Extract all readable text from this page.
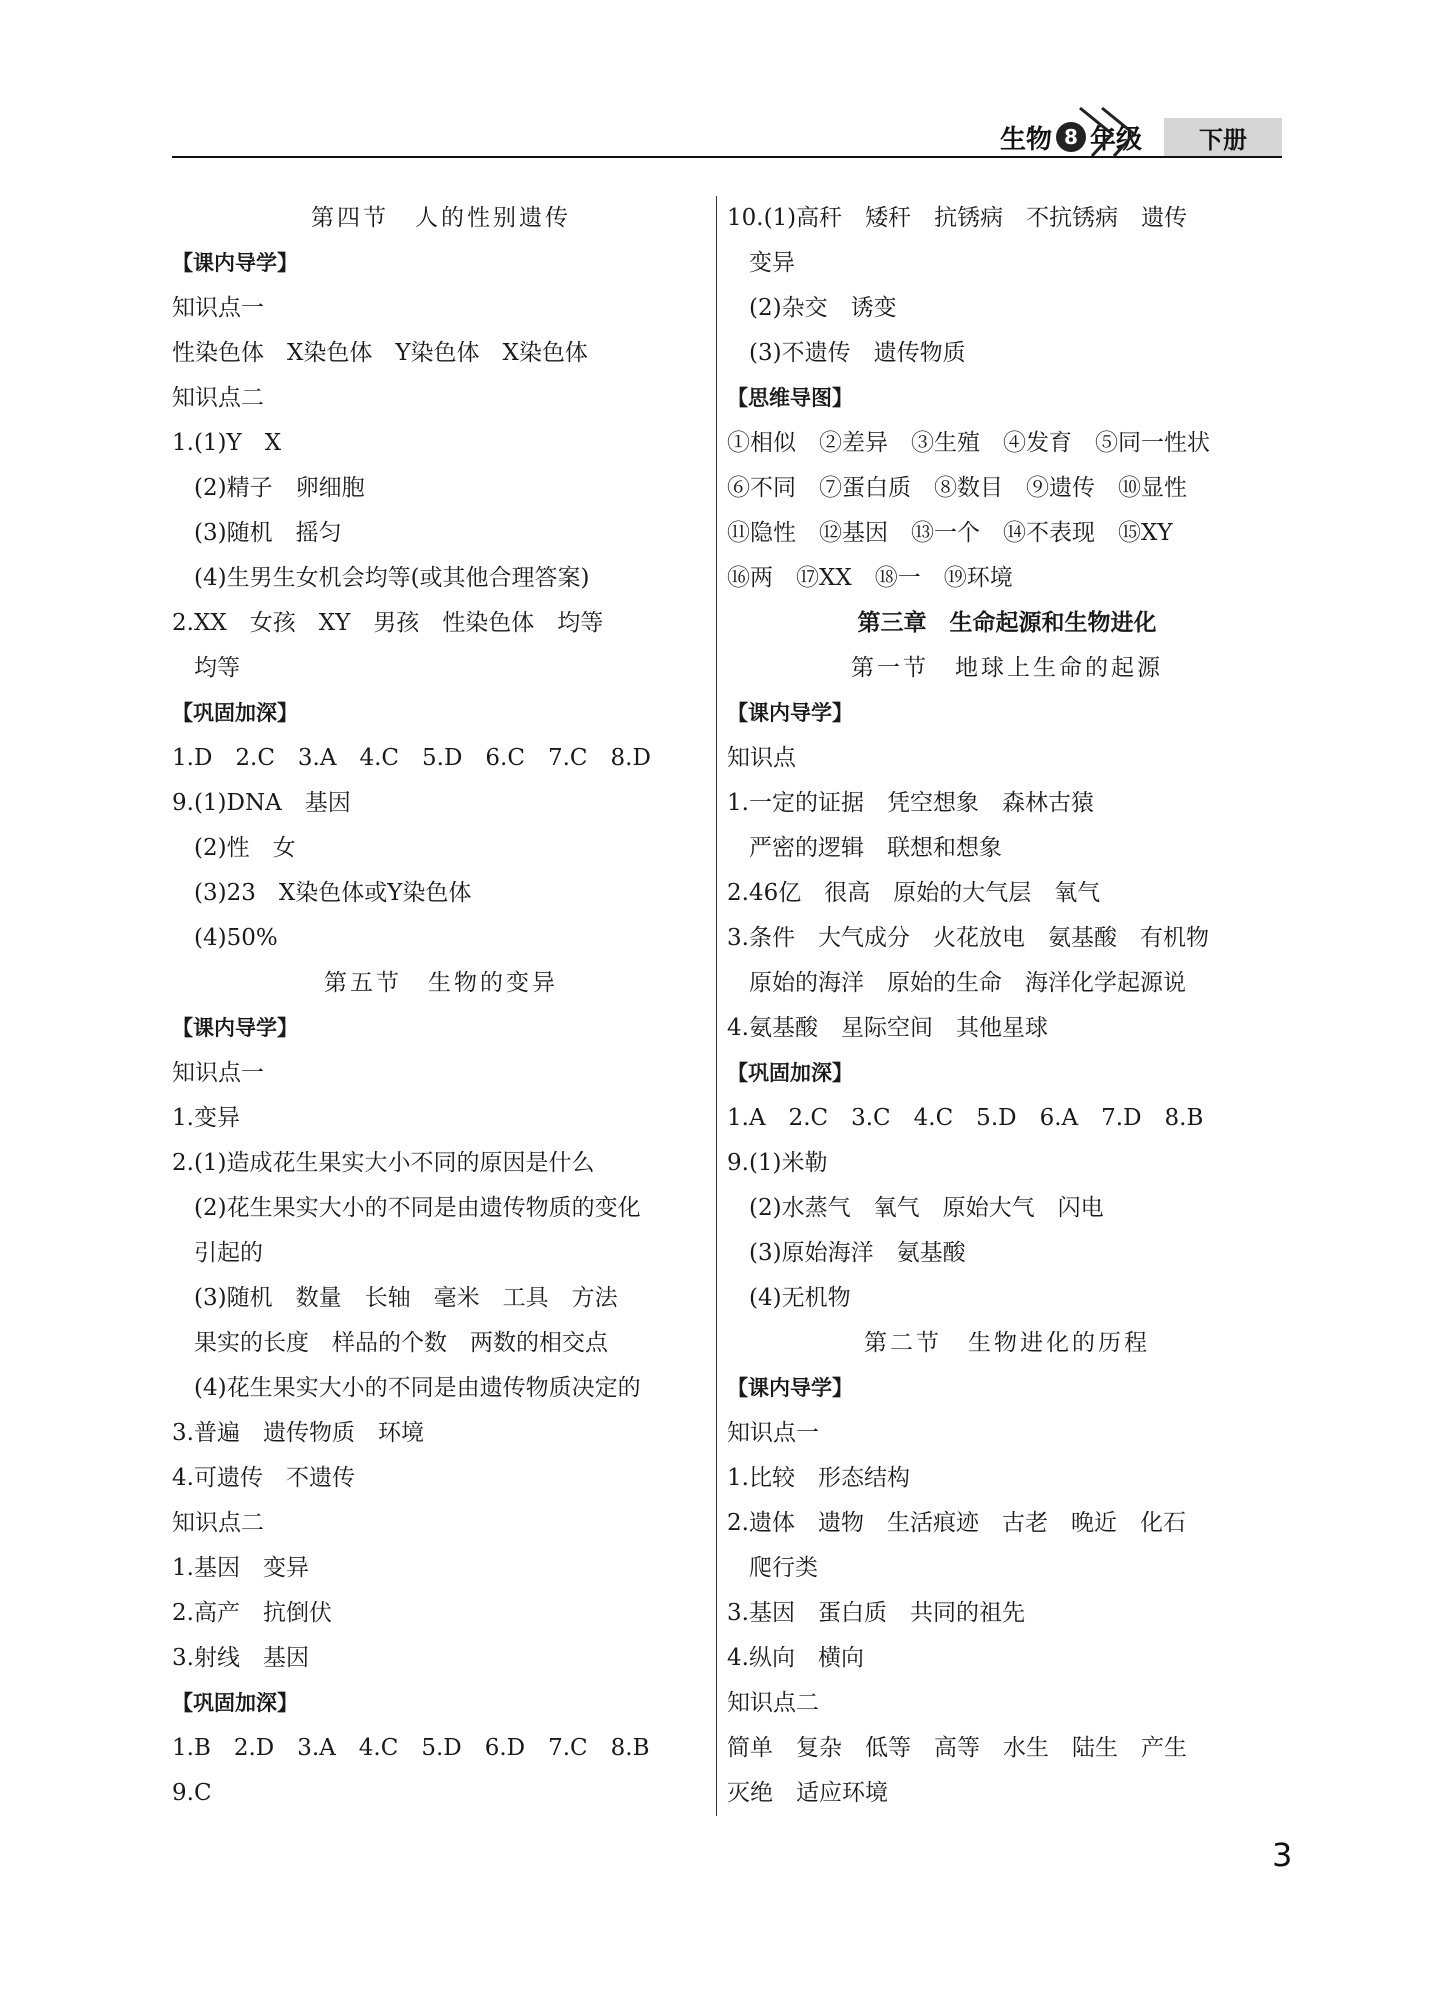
生物 8 年级	下册
第四节　人的性别遗传
【课内导学】
知识点一
性染色体　X染色体　Y染色体　X染色体
知识点二
1.(1)Y　X
(2)精子　卵细胞
(3)随机　摇匀
(4)生男生女机会均等(或其他合理答案)
2.XX　女孩　XY　男孩　性染色体　均等
均等
【巩固加深】
1.D　2.C　3.A　4.C　5.D　6.C　7.C　8.D
9.(1)DNA　基因
(2)性　女
(3)23　X染色体或Y染色体
(4)50%
第五节　生物的变异
【课内导学】
知识点一
1.变异
2.(1)造成花生果实大小不同的原因是什么
(2)花生果实大小的不同是由遗传物质的变化
引起的
(3)随机　数量　长轴　毫米　工具　方法
果实的长度　样品的个数　两数的相交点
(4)花生果实大小的不同是由遗传物质决定的
3.普遍　遗传物质　环境
4.可遗传　不遗传
知识点二
1.基因　变异
2.高产　抗倒伏
3.射线　基因
【巩固加深】
1.B　2.D　3.A　4.C　5.D　6.D　7.C　8.B
9.C
10.(1)高秆　矮秆　抗锈病　不抗锈病　遗传
变异
(2)杂交　诱变
(3)不遗传　遗传物质
【思维导图】
①相似　②差异　③生殖　④发育　⑤同一性状
⑥不同　⑦蛋白质　⑧数目　⑨遗传　⑩显性
⑪隐性　⑫基因　⑬一个　⑭不表现　⑮XY
⑯两　⑰XX　⑱一　⑲环境
第三章　生命起源和生物进化
第一节　地球上生命的起源
【课内导学】
知识点
1.一定的证据　凭空想象　森林古猿
严密的逻辑　联想和想象
2.46亿　很高　原始的大气层　氧气
3.条件　大气成分　火花放电　氨基酸　有机物
原始的海洋　原始的生命　海洋化学起源说
4.氨基酸　星际空间　其他星球
【巩固加深】
1.A　2.C　3.C　4.C　5.D　6.A　7.D　8.B
9.(1)米勒
(2)水蒸气　氧气　原始大气　闪电
(3)原始海洋　氨基酸
(4)无机物
第二节　生物进化的历程
【课内导学】
知识点一
1.比较　形态结构
2.遗体　遗物　生活痕迹　古老　晚近　化石
爬行类
3.基因　蛋白质　共同的祖先
4.纵向　横向
知识点二
简单　复杂　低等　高等　水生　陆生　产生
灭绝　适应环境
3
